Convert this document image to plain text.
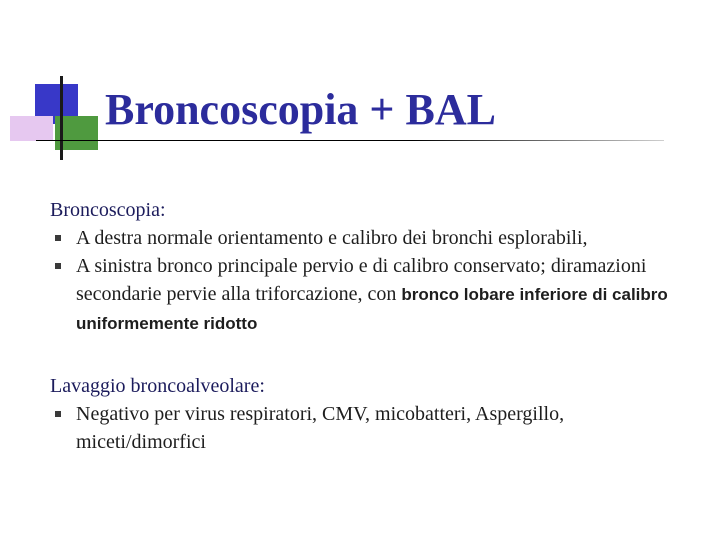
Broncoscopia + BAL
Broncoscopia:
A destra normale orientamento e calibro dei bronchi esplorabili,
A sinistra bronco principale pervio e di calibro conservato; diramazioni secondarie pervie alla triforcazione, con bronco lobare inferiore di calibro uniformemente ridotto
Lavaggio broncoalveolare:
Negativo per virus respiratori, CMV, micobatteri, Aspergillo, miceti/dimorfici
